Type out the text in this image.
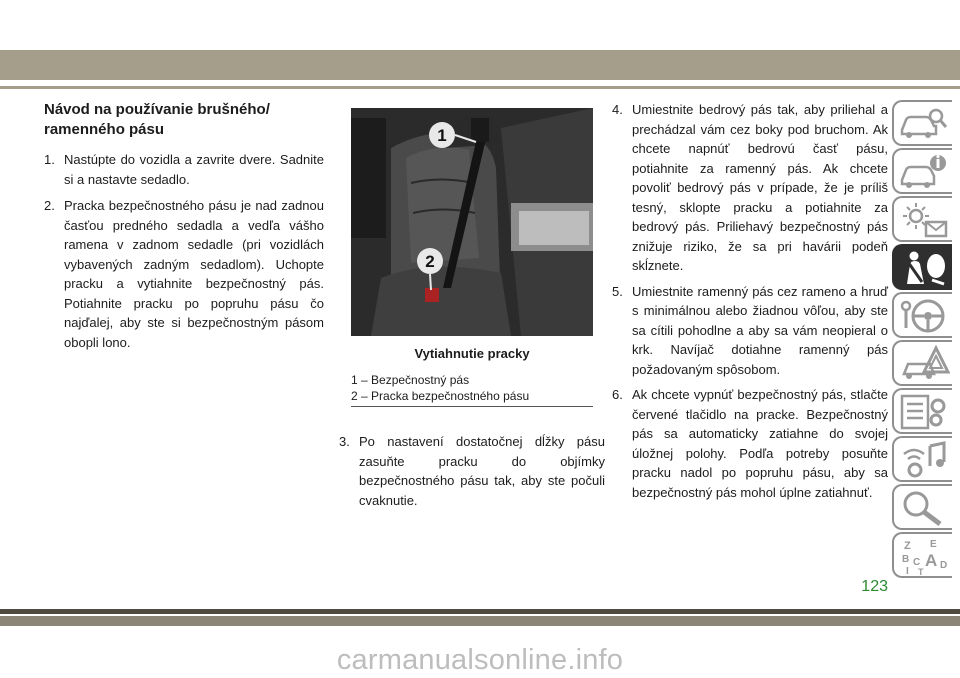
Návod na používanie brušného/ ramenného pásu
1. Nastúpte do vozidla a zavrite dvere. Sadnite si a nastavte sedadlo.
2. Pracka bezpečnostného pásu je nad zadnou časťou predného sedadla a vedľa vášho ramena v zadnom sedadle (pri vozidlách vybavených zadným sedadlom). Uchopte pracku a vytiahnite bezpečnostný pás. Potiahnite pracku po popruhu pásu čo najďalej, aby ste si bezpečnostným pásom obopli lono.
1
2
Vytiahnutie pracky
1 – Bezpečnostný pás
2 – Pracka bezpečnostného pásu
3. Po nastavení dostatočnej dĺžky pásu zasuňte pracku do objímky bezpečnostného pásu tak, aby ste počuli cvaknutie.
4. Umiestnite bedrový pás tak, aby priliehal a prechádzal vám cez boky pod bruchom. Ak chcete napnúť bedrovú časť pásu, potiahnite za ramenný pás. Ak chcete povoliť bedrový pás v prípade, že je príliš tesný, sklopte pracku a potiahnite za bedrový pás. Priliehavý bezpečnostný pás znižuje riziko, že sa pri havárii podeň skĺznete.
5. Umiestnite ramenný pás cez rameno a hruď s minimálnou alebo žiadnou vôľou, aby ste sa cítili pohodlne a aby sa vám neopieral o krk. Navíjač dotiahne ramenný pás požadovaným spôsobom.
6. Ak chcete vypnúť bezpečnostný pás, stlačte červené tlačidlo na pracke. Bezpečnostný pás sa automaticky zatiahne do svojej úložnej polohy. Podľa potreby posuňte pracku nadol po popruhu pásu, aby sa bezpečnostný pás mohol úplne zatiahnuť.
Z E
B A
C D
I T
123
carmanualsonline.info
